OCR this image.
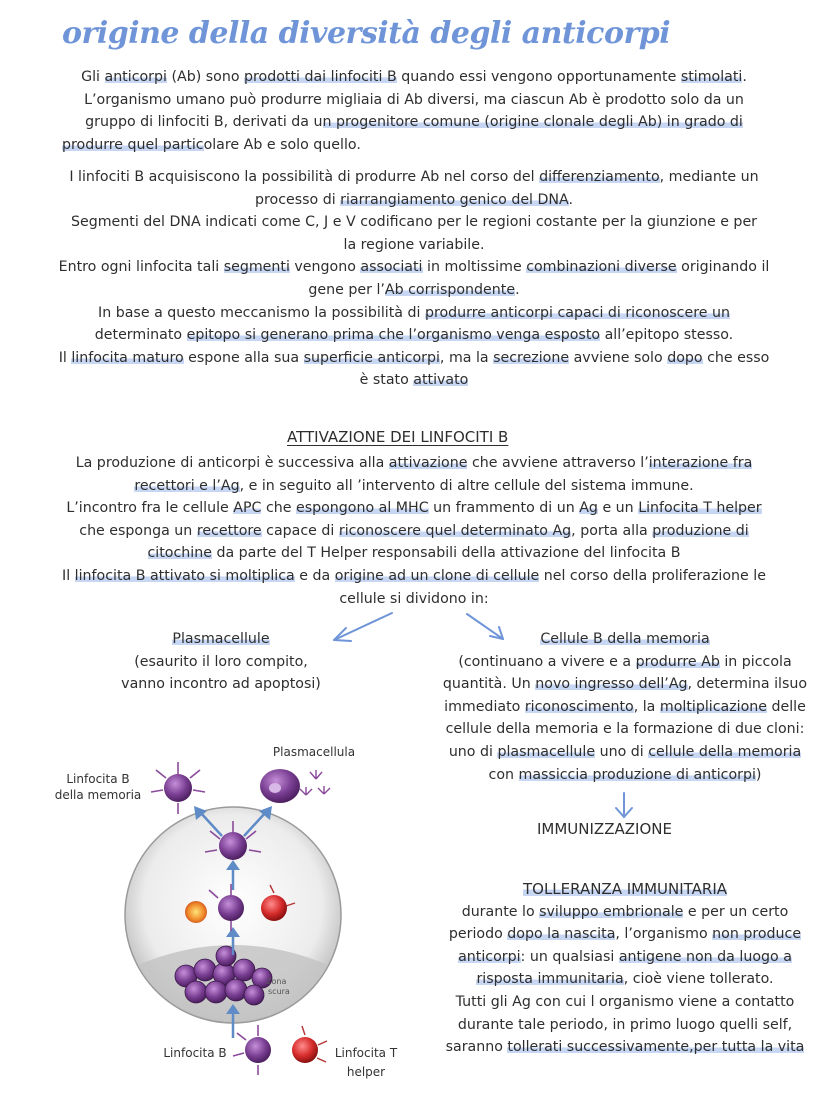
origine della diversità degli anticorpi
Gli anticorpi (Ab) sono prodotti dai linfociti B quando essi vengono opportunamente stimolati.
L’organismo umano può produrre migliaia di Ab diversi, ma ciascun Ab è prodotto solo da un
gruppo di linfociti B, derivati da un progenitore comune (origine clonale degli Ab) in grado di
produrre quel particolare Ab e solo quello.
I linfociti B acquisiscono la possibilità di produrre Ab nel corso del differenziamento, mediante un
processo di riarrangiamento genico del DNA.
Segmenti del DNA indicati come C, J e V codificano per le regioni costante per la giunzione e per
la regione variabile.
Entro ogni linfocita tali segmenti vengono associati in moltissime combinazioni diverse originando il
gene per l’Ab corrispondente.
In base a questo meccanismo la possibilità di produrre anticorpi capaci di riconoscere un
determinato epitopo si generano prima che l’organismo venga esposto all’epitopo stesso.
Il linfocita maturo espone alla sua superficie anticorpi, ma la secrezione avviene solo dopo che esso
è stato attivato
ATTIVAZIONE DEI LINFOCITI B
La produzione di anticorpi è successiva alla attivazione che avviene attraverso l’interazione fra
recettori e l’Ag, e in seguito all ’intervento di altre cellule del sistema immune.
L’incontro fra le cellule APC che espongono al MHC un frammento di un Ag e un Linfocita T helper
che esponga un recettore capace di riconoscere quel determinato Ag, porta alla produzione di
citochine da parte del T Helper responsabili della attivazione del linfocita B
Il linfocita B attivato si moltiplica e da origine ad un clone di cellule nel corso della proliferazione le
cellule si dividono in:
Plasmacellule
(esaurito il loro compito,
vanno incontro ad apoptosi)
Cellule B della memoria
(continuano a vivere e a produrre Ab in piccola
quantità. Un novo ingresso dell’Ag, determina ilsuo
immediato riconoscimento, la moltiplicazione delle
cellule della memoria e la formazione di due cloni:
uno di plasmacellule uno di cellule della memoria
con massiccia produzione di anticorpi)
IMMUNIZZAZIONE
TOLLERANZA IMMUNITARIA
durante lo sviluppo embrionale e per un certo
periodo dopo la nascita, l’organismo non produce
anticorpi: un qualsiasi antigene non da luogo a
risposta immunitaria, cioè viene tollerato.
Tutti gli Ag con cui l organismo viene a contatto
durante tale periodo, in primo luogo quelli self,
saranno tollerati successivamente,per tutta la vita
Zona
scura
Linfocita B
della memoria
Plasmacellula
Linfocita B	Linfocita T
helper
